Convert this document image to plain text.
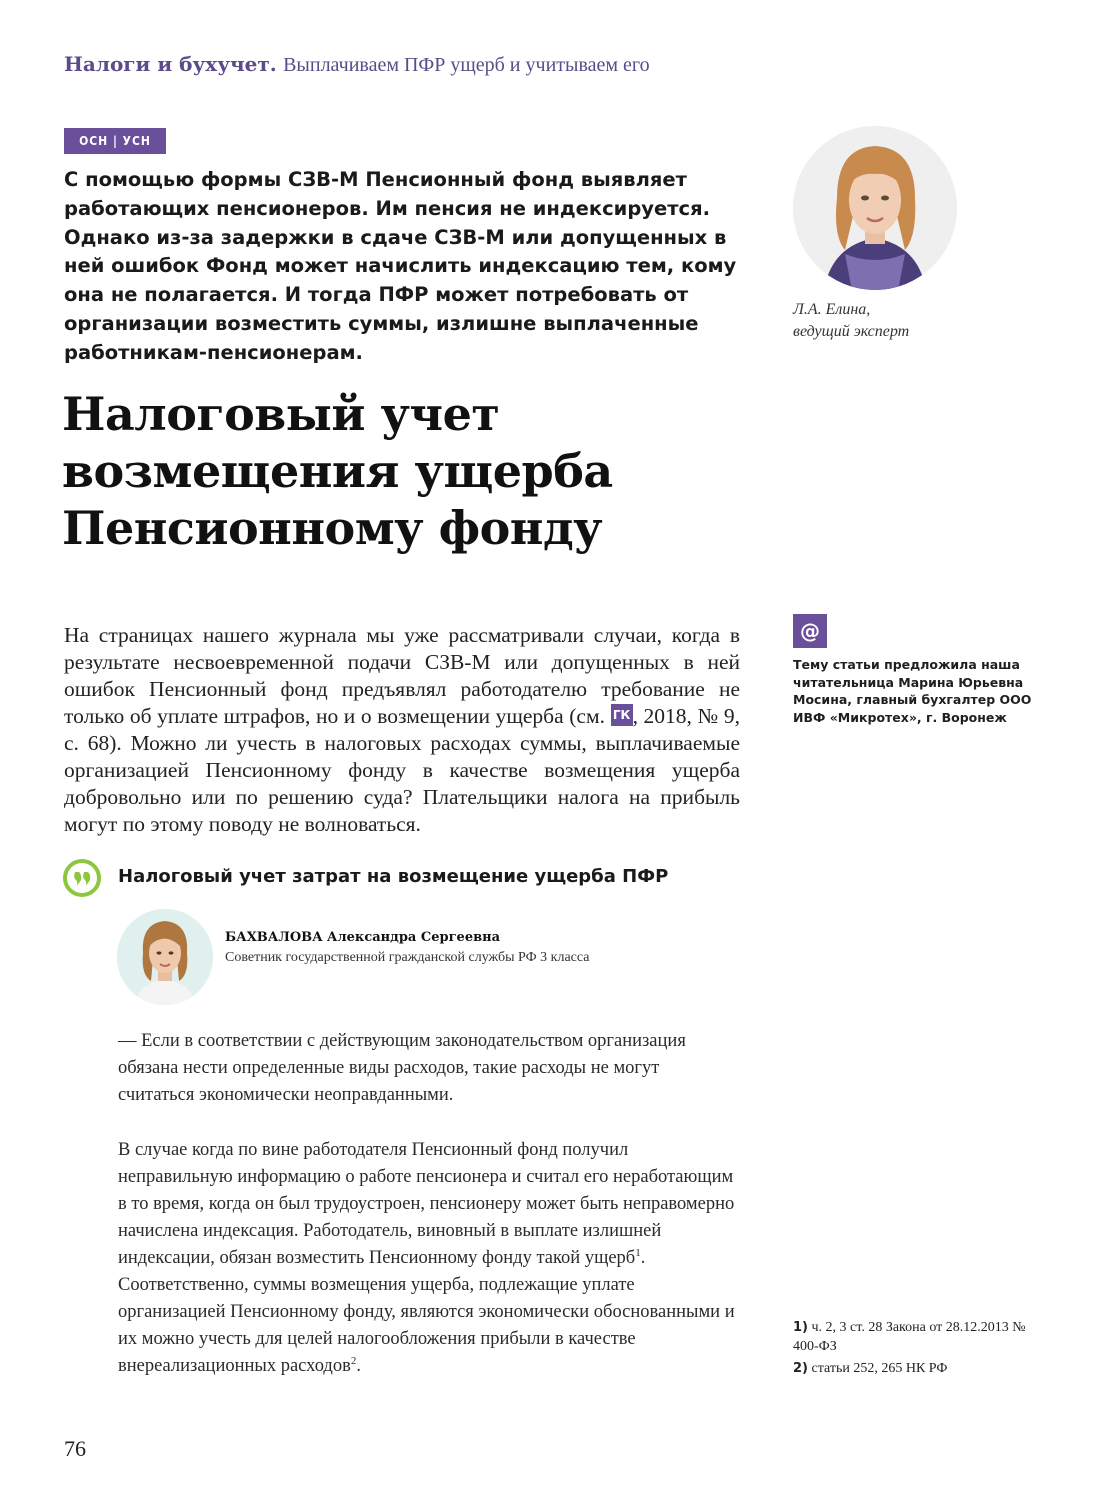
Налоги и бухучет. Выплачиваем ПФР ущерб и учитываем его
ОСН | УСН

С помощью формы СЗВ-М Пенсионный фонд выявляет работающих пенсионеров. Им пенсия не индексируется. Однако из-за задержки в сдаче СЗВ-М или допущенных в ней ошибок Фонд может начислить индексацию тем, кому она не полагается. И тогда ПФР может потребовать от организации возместить суммы, излишне выплаченные работникам-пенсионерам.

Л.А. Елина,
ведущий эксперт
Налоговый учет возмещения ущерба Пенсионному фонду

На страницах нашего журнала мы уже рассматривали случаи, когда в результате несвоевременной подачи СЗВ-М или допущенных в ней ошибок Пенсионный фонд предъявлял работодателю требование не только об уплате штрафов, но и о возмещении ущерба (см. ГК , 2018, № 9, с. 68). Можно ли учесть в налоговых расходах суммы, выплачиваемые организацией Пенсионному фонду в качестве возмещения ущерба добровольно или по решению суда? Плательщики налога на прибыль могут по этому поводу не волноваться.

@

Тему статьи предложила наша читательница Марина Юрьевна Мосина, главный бухгалтер ООО ИВФ «Микротех», г. Воронеж

Налоговый учет затрат на возмещение ущерба ПФР
БАХВАЛОВА Александра Сергеевна

Советник государственной гражданской службы РФ 3 класса

— Если в соответствии с действующим законодательством организация обязана нести определенные виды расходов, такие расходы не могут считаться экономически неоправданными.

В случае когда по вине работодателя Пенсионный фонд получил неправильную информацию о работе пенсионера и считал его неработающим в то время, когда он был трудоустроен, пенсионеру может быть неправомерно начислена индексация. Работодатель, виновный в выплате излишней индексации, обязан возместить Пенсионному фонду такой ущерб$^1$. Соответственно, суммы возмещения ущерба, подлежащие уплате организацией Пенсионному фонду, являются экономически обоснованными и их можно учесть для целей налогообложения прибыли в качестве внереализационных расходов$^2$.

1) ч. 2, 3 ст. 28 Закона от 28.12.2013 № 400-ФЗ

2) статьи 252, 265 НК РФ

76
